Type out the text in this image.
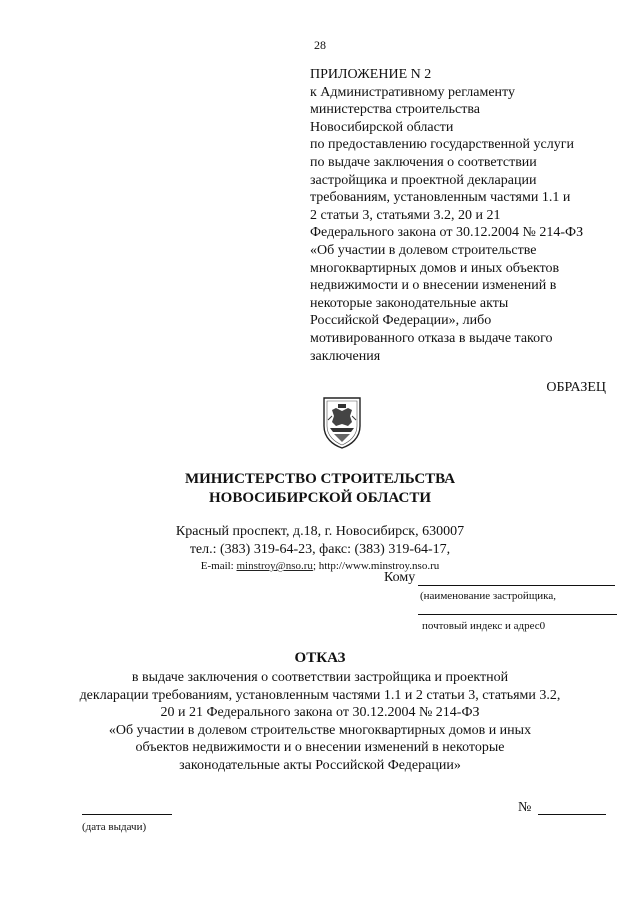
28
ПРИЛОЖЕНИЕ N 2
к Административному регламенту
министерства строительства
Новосибирской области
по предоставлению государственной услуги
по выдаче заключения о соответствии
застройщика и проектной декларации
требованиям, установленным частями 1.1 и
2 статьи 3, статьями 3.2, 20 и 21
Федерального закона от 30.12.2004 № 214-ФЗ
«Об участии в долевом строительстве
многоквартирных домов и иных объектов
недвижимости и о внесении изменений в
некоторые законодательные акты
Российской Федерации», либо
мотивированного отказа в выдаче такого
заключения
ОБРАЗЕЦ
МИНИСТЕРСТВО СТРОИТЕЛЬСТВА
НОВОСИБИРСКОЙ ОБЛАСТИ
Красный проспект, д.18, г. Новосибирск, 630007
тел.: (383) 319-64-23, факс: (383) 319-64-17,
E-mail: minstroy@nso.ru; http://www.minstroy.nso.ru
Кому
(наименование застройщика,
почтовый индекс и адрес0
ОТКАЗ
в выдаче заключения о соответствии застройщика и проектной
декларации требованиям, установленным частями 1.1 и 2 статьи 3, статьями 3.2,
20 и 21 Федерального закона от 30.12.2004 № 214-ФЗ
«Об участии в долевом строительстве многоквартирных домов и иных
объектов недвижимости и о внесении изменений в некоторые
законодательные акты Российской Федерации»
(дата выдачи)
№
